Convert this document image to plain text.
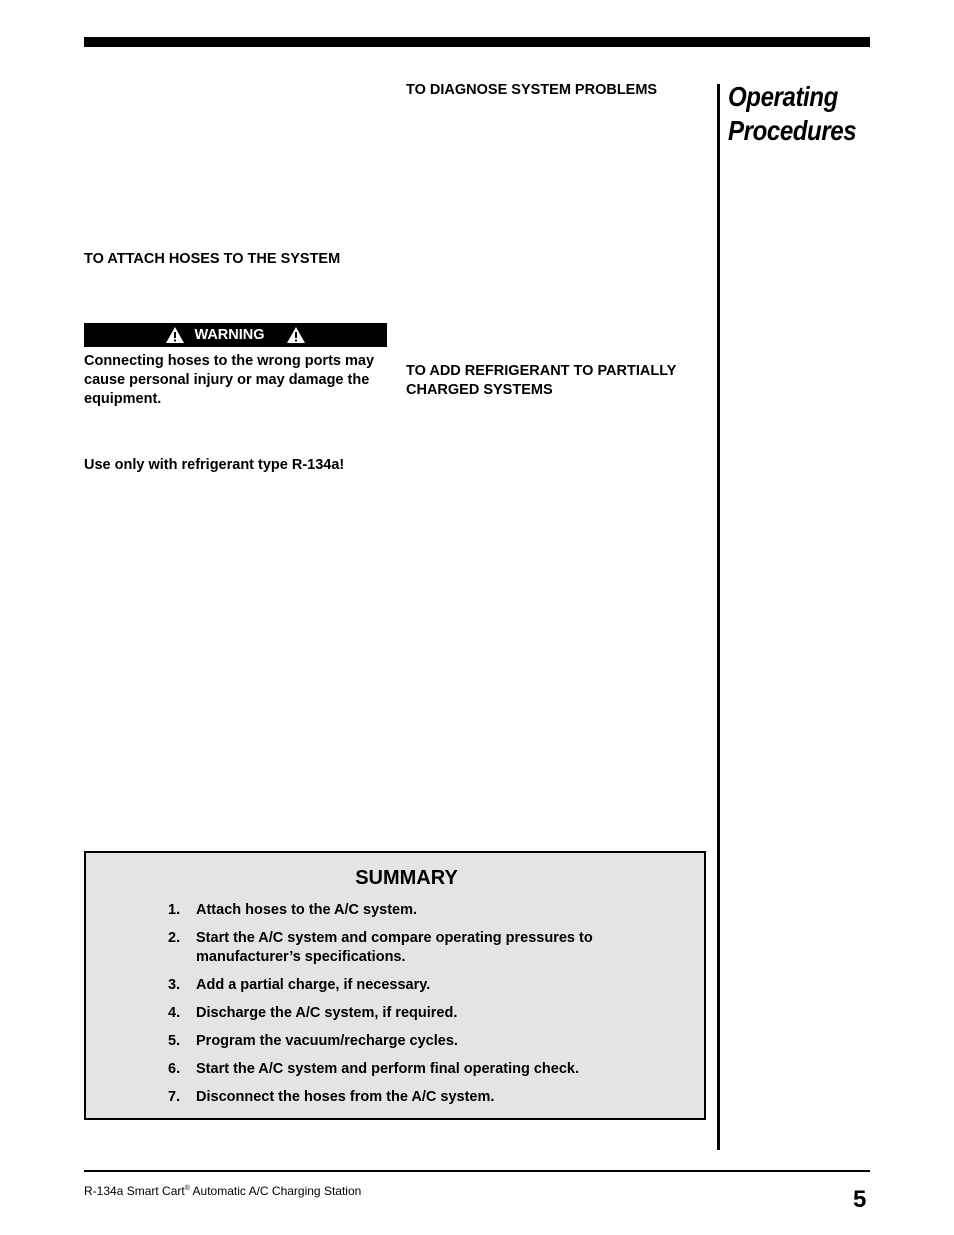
Operating
Procedures
TO DIAGNOSE SYSTEM PROBLEMS
TO ATTACH HOSES TO THE SYSTEM
TO ADD REFRIGERANT TO PARTIALLY CHARGED SYSTEMS
WARNING
Connecting hoses to the wrong ports may cause personal injury or may damage the equipment.
Use only with refrigerant type R-134a!
SUMMARY
1. Attach hoses to the A/C system.
2. Start the A/C system and compare operating pressures to manufacturer’s specifications.
3. Add a partial charge, if necessary.
4. Discharge the A/C system, if required.
5. Program the vacuum/recharge cycles.
6. Start the A/C system and perform final operating check.
7. Disconnect the hoses from the A/C system.
R-134a Smart Cart® Automatic A/C Charging Station	5
